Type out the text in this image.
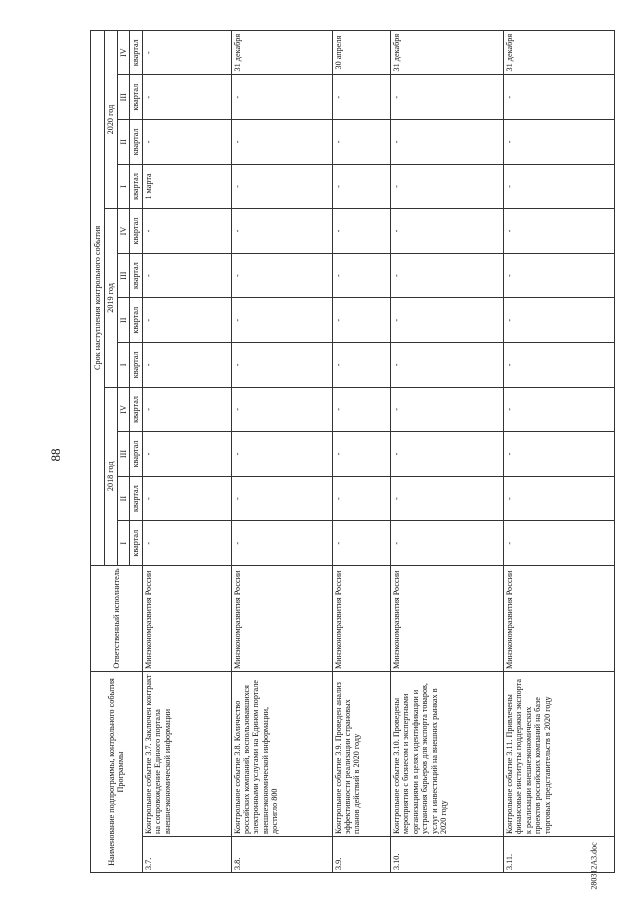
88
Наименование подпрограммы, контрольного события Программы		Ответственный исполнитель	Срок наступления контрольного события											
			2018 год				2019 год				2020 год			
			I	II	III	IV	I	II	III	IV	I	II	III	IV
			квартал	квартал	квартал	квартал	квартал	квартал	квартал	квартал	квартал	квартал	квартал	квартал
3.7.	Контрольное событие 3.7. Заключен контракт на сопровождение Единого портала внешнеэкономической информации	Минэкономразвития России	-	-	-	-	-	-	-	-	1 марта	-	-	-
3.8.	Контрольное событие 3.8. Количество российских компаний, воспользовавшихся электронными услугами на Едином портале внешнеэкономической информации, достигло 800	Минэкономразвития России	-	-	-	-	-	-	-	-	-	-	-	31 декабря
3.9.	Контрольное событие 3.9. Проведен анализ эффективности реализации страновых планов действий в 2020 году	Минэкономразвития России	-	-	-	-	-	-	-	-	-	-	-	30 апреля
3.10.	Контрольное событие 3.10. Проведены мероприятия с бизнесом и экспертными организациями в целях идентификации и устранения барьеров для экспорта товаров, услуг и инвестиций на внешних рынках в 2020 году	Минэкономразвития России	-	-	-	-	-	-	-	-	-	-	-	31 декабря
3.11.	Контрольное событие 3.11. Привлечены финансовые институты поддержки экспорта к реализации внешнеэкономических проектов российских компаний на базе торговых представительств в 2020 году	Минэкономразвития России	-	-	-	-	-	-	-	-	-	-	-	31 декабря
280312А3.doc
